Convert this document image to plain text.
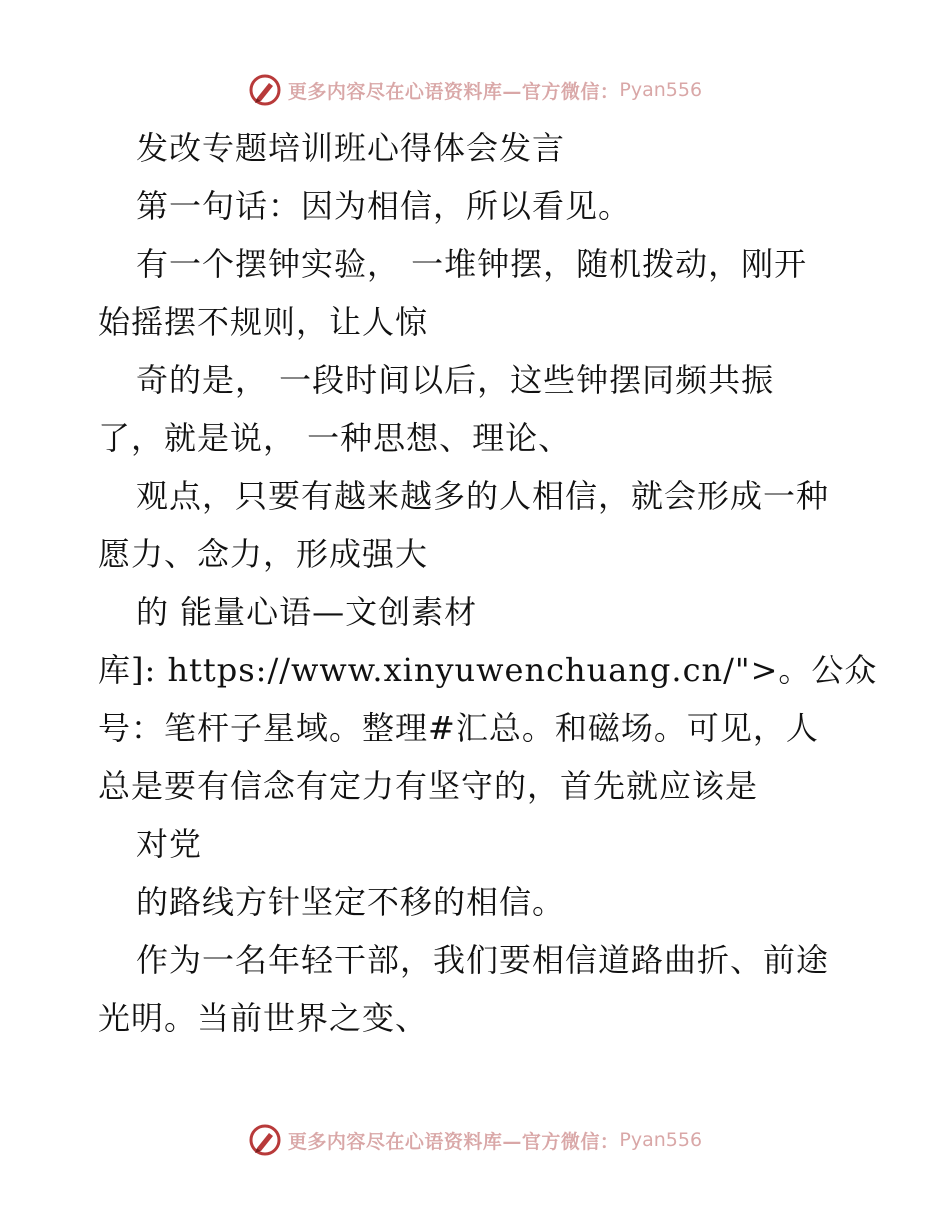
更多内容尽在心语资料库—官方微信： Pyan556
发改专题培训班心得体会发言
第一句话：因为相信，所以看见。
有一个摆钟实验， 一堆钟摆，随机拨动，刚开
始摇摆不规则，让人惊
奇的是， 一段时间以后，这些钟摆同频共振
了，就是说， 一种思想、理论、
观点，只要有越来越多的人相信，就会形成一种
愿力、念力，形成强大
的 能量心语—文创素材
库]: https://www.xinyuwenchuang.cn/">。公众
号：笔杆子星域。整理#汇总。和磁场。可见，人
总是要有信念有定力有坚守的，首先就应该是
对党
的路线方针坚定不移的相信。
作为一名年轻干部，我们要相信道路曲折、前途
光明。当前世界之变、
更多内容尽在心语资料库—官方微信： Pyan556
